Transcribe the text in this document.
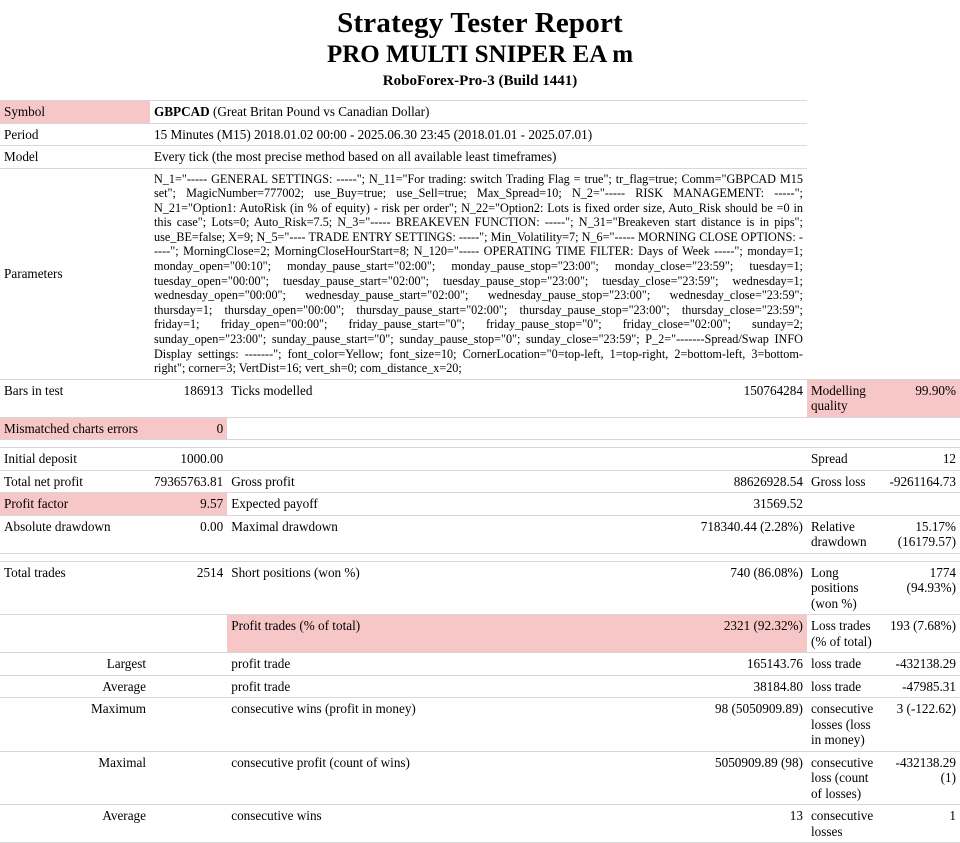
Strategy Tester Report
PRO MULTI SNIPER EA m
RoboForex-Pro-3 (Build 1441)
Symbol	GBPCAD (Great Britan Pound vs Canadian Dollar)				
Period	15 Minutes (M15) 2018.01.02 00:00 - 2025.06.30 23:45 (2018.01.01 - 2025.07.01)				
Model	Every tick (the most precise method based on all available least timeframes)				
Parameters	N_1="----- GENERAL SETTINGS: -----"; N_11="For trading: switch Trading Flag = true"; tr_flag=true; Comm="GBPCAD M15 set"; MagicNumber=777002; use_Buy=true; use_Sell=true; Max_Spread=10; N_2="----- RISK MANAGEMENT: -----"; N_21="Option1: AutoRisk (in % of equity) - risk per order"; N_22="Option2: Lots is fixed order size, Auto_Risk should be =0 in this case"; Lots=0; Auto_Risk=7.5; N_3="----- BREAKEVEN FUNCTION: -----"; N_31="Breakeven start distance is in pips"; use_BE=false; X=9; N_5="---- TRADE ENTRY SETTINGS: -----"; Min_Volatility=7; N_6="----- MORNING CLOSE OPTIONS: -----"; MorningClose=2; MorningCloseHourStart=8; N_120="----- OPERATING TIME FILTER: Days of Week -----"; monday=1; monday_open="00:10"; monday_pause_start="02:00"; monday_pause_stop="23:00"; monday_close="23:59"; tuesday=1; tuesday_open="00:00"; tuesday_pause_start="02:00"; tuesday_pause_stop="23:00"; tuesday_close="23:59"; wednesday=1; wednesday_open="00:00"; wednesday_pause_start="02:00"; wednesday_pause_stop="23:00"; wednesday_close="23:59"; thursday=1; thursday_open="00:00"; thursday_pause_start="02:00"; thursday_pause_stop="23:00"; thursday_close="23:59"; friday=1; friday_open="00:00"; friday_pause_start="0"; friday_pause_stop="0"; friday_close="02:00"; sunday=2; sunday_open="23:00"; sunday_pause_start="0"; sunday_pause_stop="0"; sunday_close="23:59"; P_2="-------Spread/Swap INFO Display settings: -------"; font_color=Yellow; font_size=10; CornerLocation="0=top-left, 1=top-right, 2=bottom-left, 3=bottom-right"; corner=3; VertDist=16; vert_sh=0; com_distance_x=20;				
Bars in test	186913	Ticks modelled	150764284	Modelling quality	99.90%
Mismatched charts errors	0				

Initial deposit	1000.00			Spread	12
Total net profit	79365763.81	Gross profit	88626928.54	Gross loss	-9261164.73
Profit factor	9.57	Expected payoff	31569.52		
Absolute drawdown	0.00	Maximal drawdown	718340.44 (2.28%)	Relative drawdown	15.17% (16179.57)

Total trades	2514	Short positions (won %)	740 (86.08%)	Long positions (won %)	1774 (94.93%)
		Profit trades (% of total)	2321 (92.32%)	Loss trades (% of total)	193 (7.68%)
Largest		profit trade	165143.76	loss trade	-432138.29
Average		profit trade	38184.80	loss trade	-47985.31
Maximum		consecutive wins (profit in money)	98 (5050909.89)	consecutive losses (loss in money)	3 (-122.62)
Maximal		consecutive profit (count of wins)	5050909.89 (98)	consecutive loss (count of losses)	-432138.29 (1)
Average		consecutive wins	13	consecutive losses	1
